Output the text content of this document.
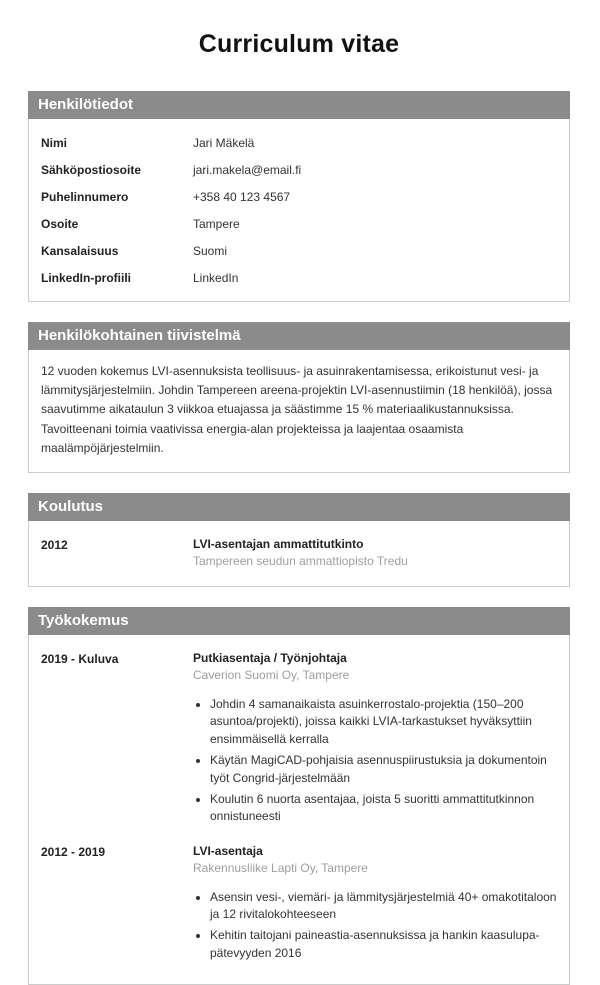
Curriculum vitae
Henkilötiedot
Nimi	Jari Mäkelä
Sähköpostiosoite	jari.makela@email.fi
Puhelinnumero	+358 40 123 4567
Osoite	Tampere
Kansalaisuus	Suomi
LinkedIn-profiili	LinkedIn
Henkilökohtainen tiivistelmä

12 vuoden kokemus LVI-asennuksista teollisuus- ja asuinrakentamisessa, erikoistunut vesi- ja lämmitysjärjestelmiin. Johdin Tampereen areena-projektin LVI-asennustiimin (18 henkilöä), jossa saavutimme aikataulun 3 viikkoa etuajassa ja säästimme 15 % materiaalikustannuksissa. Tavoitteenani toimia vaativissa energia-alan projekteissa ja laajentaa osaamista maalämpöjärjestelmiin.

Koulutus
2012	LVI-asentajan ammattitutkinto
Tampereen seudun ammattiopisto Tredu
Työkokemus
2019 - Kuluva	Putkiasentaja / Työnjohtaja
Caverion Suomi Oy, Tampere
• Johdin 4 samanaikaista asuinkerrostalo-projektia (150–200 asuntoa/projekti), joissa kaikki LVIA-tarkastukset hyväksyttiin ensimmäisellä kerralla
• Käytän MagiCAD-pohjaisia asennuspiirustuksia ja dokumentoin työt Congrid-järjestelmään
• Koulutin 6 nuorta asentajaa, joista 5 suoritti ammattitutkinnon onnistuneesti
2012 - 2019	LVI-asentaja
Rakennusliike Lapti Oy, Tampere
• Asensin vesi-, viemäri- ja lämmitysjärjestelmiä 40+ omakotitaloon ja 12 rivitalokohteeseen
• Kehitin taitojani paineastia-asennuksissa ja hankin kaasulupa-pätevyyden 2016
